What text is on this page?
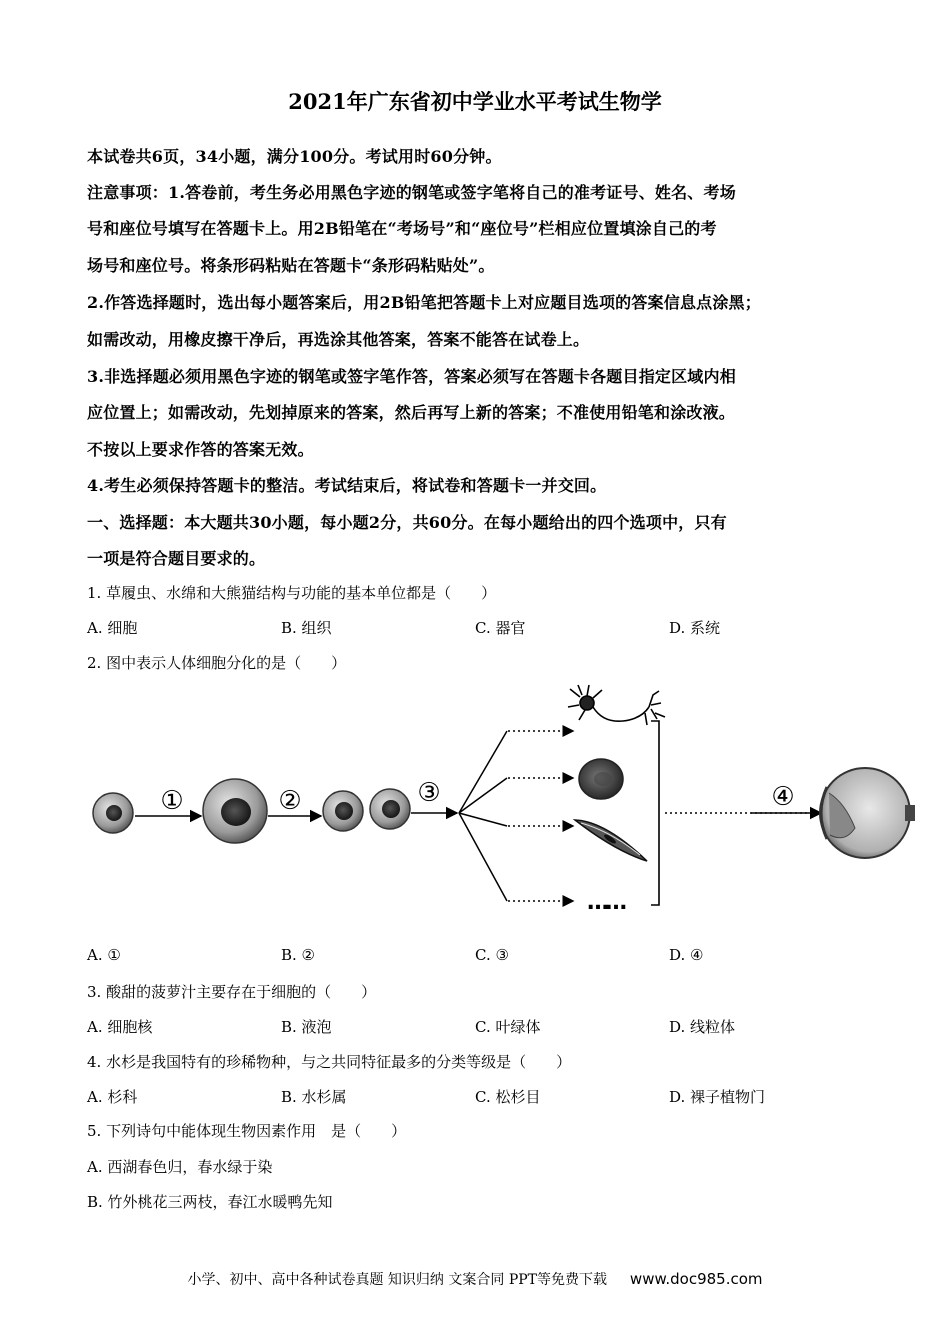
2021年广东省初中学业水平考试生物学
本试卷共6页，34小题，满分100分。考试用时60分钟。
注意事项：1.答卷前，考生务必用黑色字迹的钢笔或签字笔将自己的准考证号、姓名、考场
号和座位号填写在答题卡上。用2B铅笔在“考场号”和“座位号”栏相应位置填涂自己的考
场号和座位号。将条形码粘贴在答题卡“条形码粘贴处”。
2.作答选择题时，选出每小题答案后，用2B铅笔把答题卡上对应题目选项的答案信息点涂黑；
如需改动，用橡皮擦干净后，再选涂其他答案，答案不能答在试卷上。
3.非选择题必须用黑色字迹的钢笔或签字笔作答，答案必须写在答题卡各题目指定区域内相
应位置上；如需改动，先划掉原来的答案，然后再写上新的答案；不准使用铅笔和涂改液。
不按以上要求作答的答案无效。
4.考生必须保持答题卡的整洁。考试结束后，将试卷和答题卡一并交回。
一、选择题：本大题共30小题，每小题2分，共60分。在每小题给出的四个选项中，只有
一项是符合题目要求的。
1. 草履虫、水绵和大熊猫结构与功能的基本单位都是（　　）
A. 细胞	B. 组织	C. 器官	D. 系统
2. 图中表示人体细胞分化的是（　　）
①	②	③
……
④
A. ①	B. ②	C. ③	D. ④
3. 酸甜的菠萝汁主要存在于细胞的（　　）
A. 细胞核	B. 液泡	C. 叶绿体	D. 线粒体
4. 水杉是我国特有的珍稀物种，与之共同特征最多的分类等级是（　　）
A. 杉科	B. 水杉属	C. 松杉目	D. 裸子植物门
5. 下列诗句中能体现生物因素作用　是（　　）
A. 西湖春色归，春水绿于染
B. 竹外桃花三两枝，春江水暖鸭先知
小学、初中、高中各种试卷真题 知识归纳 文案合同 PPT等免费下载 www.doc985.com
